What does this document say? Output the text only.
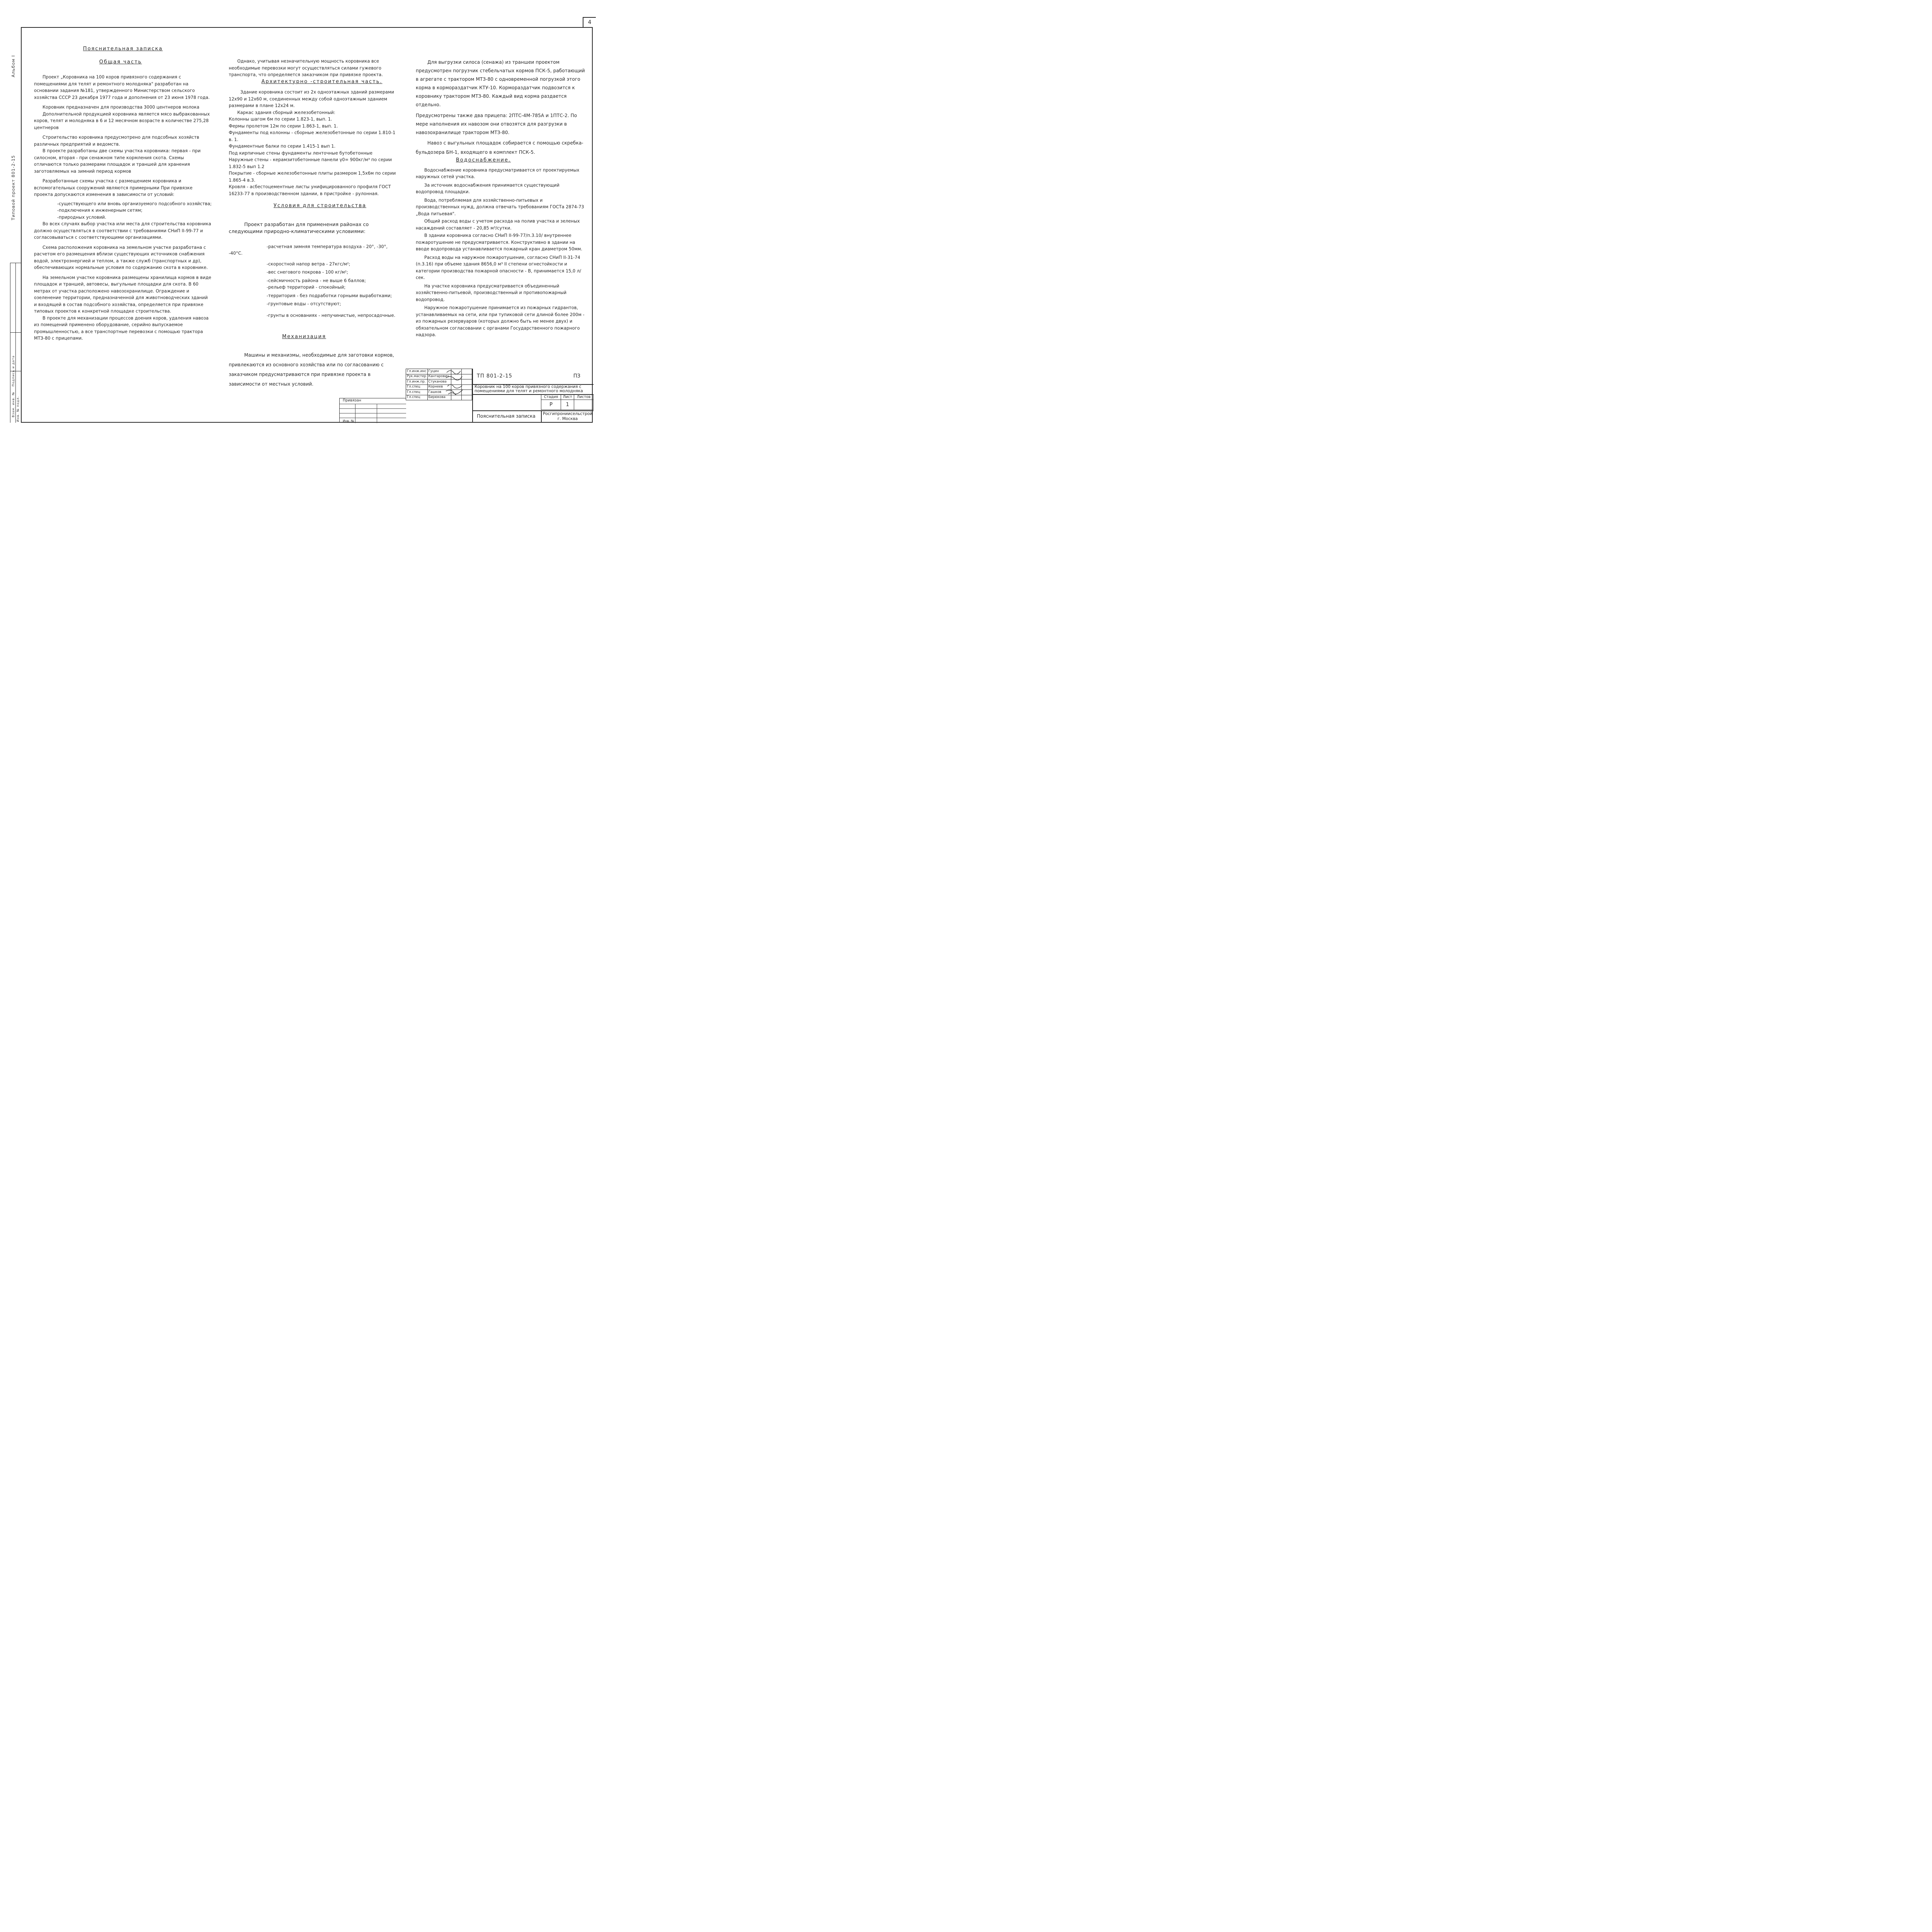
4
Альбом I
Типовой проект 801-2-15
Взам. инв. № Инв. № подл.

Пояснительная записка

Общая часть

Проект „Коровника на 100 коров привязного содержания с помещениями для телят и ремонтного молодняка" разработан на основании задания №181, утвержденного Министерством сельского хозяйства СССР 23 декабря 1977 года и дополнения от 23 июня 1978 года.

Коровник предназначен для производства 3000 центнеров молока

Дополнительной продукцией коровника является мясо выбракованных коров, телят и молодняка в 6 и 12 месячном возрасте в количестве 275,28 центнеров

Строительство коровника предусмотрено для подсобных хозяйств различных предприятий и ведомств.

В проекте разработаны две схемы участка коровника: первая - при силосном, вторая - при сенажном типе кормления скота. Схемы отличаются только размерами площадок и траншей для хранения заготовляемых на зимний период кормов

Разработанные схемы участка с размещением коровника и вспомогательных сооружений являются примерными При привязке проекта допускаются изменения в зависимости от условий:

-существующего или вновь организуемого подсобного хозяйства;

-подключения к инженерным сетям;

-природных условий.

Во всех случаях выбор участка или места для строительства коровника должно осуществляться в соответствии с требованиями СНиП II-99-77 и согласовываться с соответствующими организациями.

Схема расположения коровника на земельном участке разработана с расчетом его размещения вблизи существующих источников снабжения водой, электроэнергией и теплом, а также служб (транспортных и др), обеспечивающих нормальные условия по содержанию скота в коровнике.

На земельном участке коровника размещены хранилища кормов в виде площадок и траншей, автовесы, выгульные площадки для скота. В 60 метрах от участка расположено навозохранилище. Ограждение и озеленение территории, предназначенной для животноводческих зданий и входящей в состав подсобного хозяйства, определяется при привязке типовых проектов к конкретной площадке строительства.

В проекте для механизации процессов доения коров, удаления навоза из помещений применено оборудование, серийно выпускаемое промышленностью, а все транспортные перевозки с помощью трактора МТЗ-80 с прицепами.

Однако, учитывая незначительную мощность коровника все необходимые перевозки могут осуществляться силами гужевого транспорта, что определяется заказчиком при привязке проекта.

Архитектурно -строительная часть.

Здание коровника состоит из 2х одноэтажных зданий размерами 12х90 и 12х60 м, соединенных между собой одноэтажным зданием размерами в плане 12х24 м.

Каркас здания сборный железобетонный:

Колонны шагом 6м по серии 1.823-1, вып. 1.

Фермы пролетом 12м по серии 1.863-1, вып. 1.

Фундаменты под колонны - сборные железобетонные по серии 1.810-1 в. 1.

Фундаментные балки по серии 1.415-1 вып 1.

Под кирпичные стены фундаменты ленточные бутобетонные

Наружные стены - керамзитобетонные панели γ0= 900кг/м³ по серии 1.832-5 вып 1.2

Покрытие - сборные железобетонные плиты размером 1,5х6м по серии 1.865-4 в.3.

Кровля - асбестоцементные листы унифицированного профиля ГОСТ 16233-77 в производственном здании, в пристройке - рулонная.

Условия для строительства

Проект разработан для применения районах со следующими природно-климатическими условиями:

-расчетная зимняя температура воздуха - 20°, -30°, -40°С.

-скоростной напор ветра - 27кгс/м²;

-вес снегового покрова - 100 кг/м²;

-сейсмичность района - не выше 6 баллов;

-рельеф территорий - спокойный;

-территория - без подработки горными выработками;

-грунтовые воды - отсутствуют;

-грунты в основаниях - непучинистые, непросадочные.

Механизация

Машины и механизмы, необходимые для заготовки кормов, привлекаются из основного хозяйства или по согласованию с заказчиком предусматриваются при привязке проекта в зависимости от местных условий.

Для выгрузки силоса (сенажа) из траншеи проектом предусмотрен погрузчик стебельчатых кормов ПСК-5, работающий в агрегате с трактором МТЗ-80 с одновременной погрузкой этого корма в кормораздатчик КТУ-10. Кормораздатчик подвозится к коровнику трактором МТЗ-80. Каждый вид корма раздается отдельно.

Предусмотрены также два прицепа: 2ПТС-4М-785А и 1ПТС-2. По мере наполнения их навозом они отвозятся для разгрузки в навозохранилище трактором МТЗ-80.

Навоз с выгульных площадок собирается с помощью скребка-бульдозера БН-1, входящего в комплект ПСК-5.

Водоснабжение.

Водоснабжение коровника предусматривается от проектируемых наружных сетей участка.

За источник водоснабжения принимается существующий водопровод площадки.

Вода, потребляемая для хозяйственно-питьевых и производственных нужд, должна отвечать требованиям ГОСТа 2874-73 „Вода питьевая".

Общий расход воды с учетом расхода на полив участка и зеленых насаждений составляет - 20,85 м³/сутки.

В здании коровника согласно СНиП II-99-77/п.3.10/ внутреннее пожаротушение не предусматривается. Конструктивно в здании на вводе водопровода устанавливается пожарный кран диаметром 50мм.

Расход воды на наружное пожаротушение, согласно СНиП II-31-74 (п.3.16) при объеме здания 8656,0 м³ II степени огнестойкости и категории производства пожарной опасности - В, принимается 15,0 л/сек.

На участке коровника предусматривается объединенный хозяйственно-питьевой, производственный и противопожарный водопровод.

Наружное пожаротушение принимается из пожарных гидрантов, устанавливаемых на сети, или при тупиковой сети длиной более 200м - из пожарных резервуаров (которых должно быть не менее двух) и обязательном согласовании с органами Государственного пожарного надзора.

Привязан
Инв. №
Гл.инж.инс	Гуцин		
Рук.мастер	Кантарович		
Гл.инж.пр.	Стуканова		
Гл.спец	Корнеев		
Гл.спец	Гашков		
Гл.спец	Бирюкова		
ТП 801-2-15	ПЗ
Коровник на 100 коров привязного содержания с помещениями для телят и ремонтного молодняка
Стадия	Лист	Листов
Р	1	
Пояснительная записка Росгипрониисельстрой г. Москва
